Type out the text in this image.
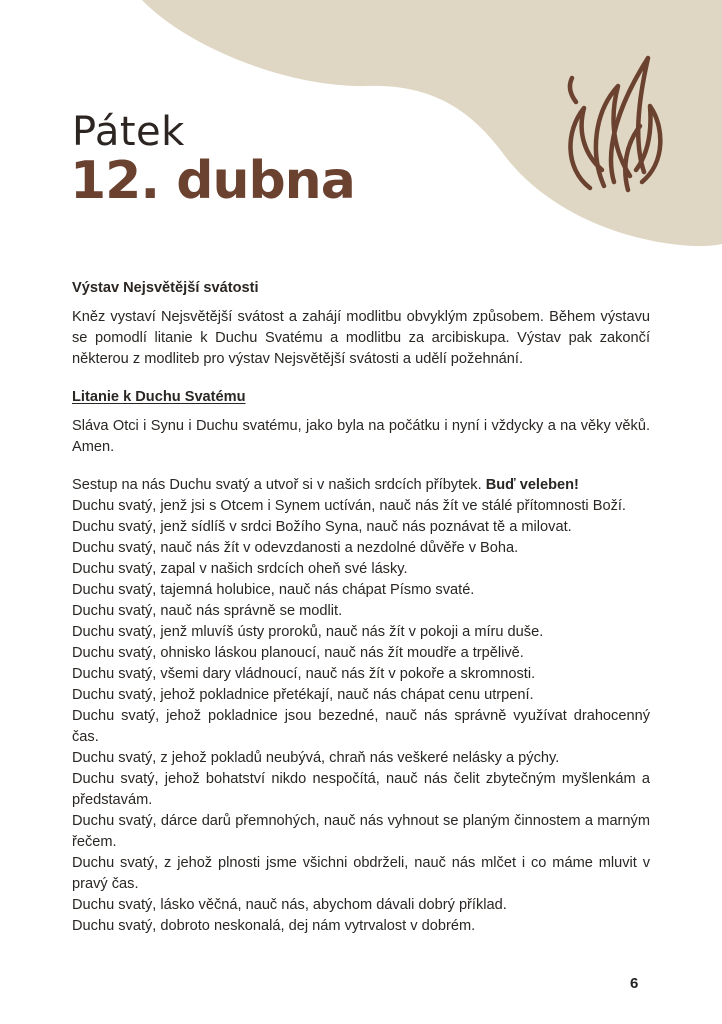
Pátek
12. dubna

Výstav Nejsvětější svátosti

Kněz vystaví Nejsvětější svátost a zahájí modlitbu obvyklým způsobem. Během výstavu se pomodlí litanie k Duchu Svatému a modlitbu za arcibiskupa. Výstav pak zakončí některou z modliteb pro výstav Nejsvětější svátosti a udělí požehnání.

Litanie k Duchu Svatému

Sláva Otci i Synu i Duchu svatému, jako byla na počátku i nyní i vždycky a na věky věků. Amen.

Sestup na nás Duchu svatý a utvoř si v našich srdcích příbytek. Buď veleben!

Duchu svatý, jenž jsi s Otcem i Synem uctíván, nauč nás žít ve stálé přítomnosti Boží.

Duchu svatý, jenž sídlíš v srdci Božího Syna, nauč nás poznávat tě a milovat.

Duchu svatý, nauč nás žít v odevzdanosti a nezdolné důvěře v Boha.

Duchu svatý, zapal v našich srdcích oheň své lásky.

Duchu svatý, tajemná holubice, nauč nás chápat Písmo svaté.

Duchu svatý, nauč nás správně se modlit.

Duchu svatý, jenž mluvíš ústy proroků, nauč nás žít v pokoji a míru duše.

Duchu svatý, ohnisko láskou planoucí, nauč nás žít moudře a trpělivě.

Duchu svatý, všemi dary vládnoucí, nauč nás žít v pokoře a skromnosti.

Duchu svatý, jehož pokladnice přetékají, nauč nás chápat cenu utrpení.

Duchu svatý, jehož pokladnice jsou bezedné, nauč nás správně využívat drahocenný čas.

Duchu svatý, z jehož pokladů neubývá, chraň nás veškeré nelásky a pýchy.

Duchu svatý, jehož bohatství nikdo nespočítá, nauč nás čelit zbytečným myšlenkám a představám.

Duchu svatý, dárce darů přemnohých, nauč nás vyhnout se planým činnostem a marným řečem.

Duchu svatý, z jehož plnosti jsme všichni obdrželi, nauč nás mlčet i co máme mluvit v pravý čas.

Duchu svatý, lásko věčná, nauč nás, abychom dávali dobrý příklad.

Duchu svatý, dobroto neskonalá, dej nám vytrvalost v dobrém.

6
